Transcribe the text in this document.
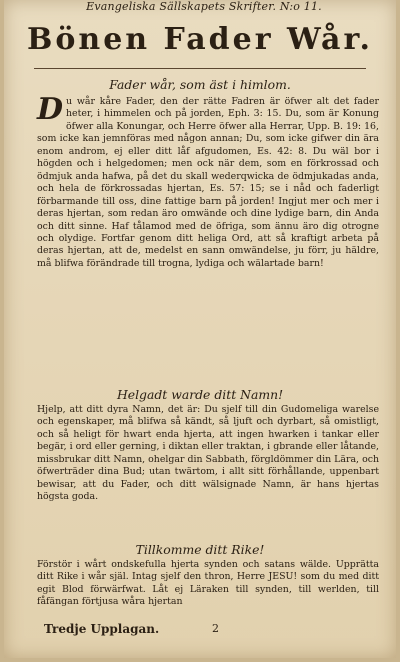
Evangeliska Sällskapets Skrifter. N:o 11.
Bönen Fader Wår.
Fader wår, som äst i himlom.

Du wår kåre Fader, den der rätte Fadren är öfwer alt det fader heter, i himmelen och på jorden, Eph. 3: 15. Du, som är Konung öfwer alla Konungar, och Herre öfwer alla Herrar, Upp. B. 19: 16, som icke kan jemnföras med någon annan; Du, som icke gifwer din ära enom androm, ej eller ditt låf afgudomen, Es. 42: 8. Du wäl bor i högden och i helgedomen; men ock när dem, som en förkrossad och ödmjuk anda hafwa, på det du skall wederqwicka de ödmjukadas anda, och hela de förkrossadas hjertan, Es. 57: 15; se i nåd och faderligt förbarmande till oss, dine fattige barn på jorden! Ingjut mer och mer i deras hjertan, som redan äro omwände och dine lydige barn, din Anda och ditt sinne. Haf tålamod med de öfriga, som ännu äro dig otrogne och olydige. Fortfar genom ditt heliga Ord, att så kraftigt arbeta på deras hjertan, att de, medelst en sann omwändelse, ju förr, ju häldre, må blifwa förändrade till trogna, lydiga och wälartade barn!

Helgadt warde ditt Namn!

Hjelp, att ditt dyra Namn, det är: Du sjelf till din Gudomeliga warelse och egenskaper, må blifwa så kändt, så ljuft och dyrbart, så omistligt, och så heligt för hwart enda hjerta, att ingen hwarken i tankar eller begär, i ord eller gerning, i diktan eller traktan, i gbrande eller låtande, missbrukar ditt Namn, ohelgar din Sabbath, förgldömmer din Lära, och öfwerträder dina Bud; utan twärtom, i allt sitt förhållande, uppenbart bewisar, att du Fader, och ditt wälsignade Namn, är hans hjertas högsta goda.

Tillkomme ditt Rike!

Förstör i wårt ondskefulla hjerta synden och satans wälde. Upprätta ditt Rike i wår själ. Intag sjelf den thron, Herre JESU! som du med ditt egit Blod förwärfwat. Låt ej Läraken till synden, till werlden, till fåfängan förtjusa wåra hjertan

Tredje Upplagan.	2
